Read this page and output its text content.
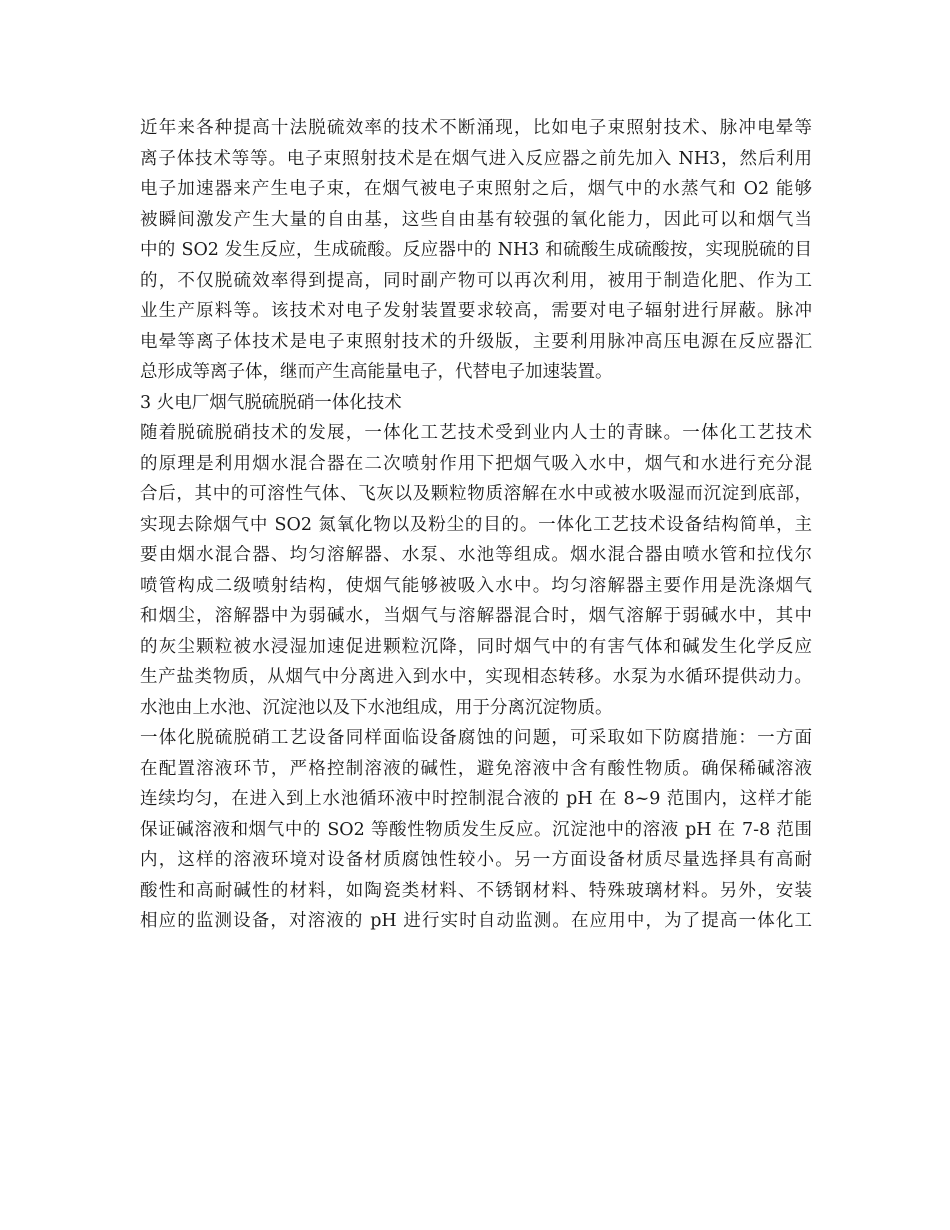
近年来各种提高十法脱硫效率的技术不断涌现，比如电子束照射技术、脉冲电晕等
离子体技术等等。电子束照射技术是在烟气进入反应器之前先加入 NH3，然后利用
电子加速器来产生电子束，在烟气被电子束照射之后，烟气中的水蒸气和 O2 能够
被瞬间激发产生大量的自由基，这些自由基有较强的氧化能力，因此可以和烟气当
中的 SO2 发生反应，生成硫酸。反应器中的 NH3 和硫酸生成硫酸按，实现脱硫的目
的，不仅脱硫效率得到提高，同时副产物可以再次利用，被用于制造化肥、作为工
业生产原料等。该技术对电子发射装置要求较高，需要对电子辐射进行屏蔽。脉冲
电晕等离子体技术是电子束照射技术的升级版，主要利用脉冲高压电源在反应器汇
总形成等离子体，继而产生高能量电子，代替电子加速装置。
3 火电厂烟气脱硫脱硝一体化技术
随着脱硫脱硝技术的发展，一体化工艺技术受到业内人士的青睐。一体化工艺技术
的原理是利用烟水混合器在二次喷射作用下把烟气吸入水中，烟气和水进行充分混
合后，其中的可溶性气体、飞灰以及颗粒物质溶解在水中或被水吸湿而沉淀到底部，
实现去除烟气中 SO2 氮氧化物以及粉尘的目的。一体化工艺技术设备结构简单，主
要由烟水混合器、均匀溶解器、水泵、水池等组成。烟水混合器由喷水管和拉伐尔
喷管构成二级喷射结构，使烟气能够被吸入水中。均匀溶解器主要作用是洗涤烟气
和烟尘，溶解器中为弱碱水，当烟气与溶解器混合时，烟气溶解于弱碱水中，其中
的灰尘颗粒被水浸湿加速促进颗粒沉降，同时烟气中的有害气体和碱发生化学反应
生产盐类物质，从烟气中分离进入到水中，实现相态转移。水泵为水循环提供动力。
水池由上水池、沉淀池以及下水池组成，用于分离沉淀物质。
一体化脱硫脱硝工艺设备同样面临设备腐蚀的问题，可采取如下防腐措施：一方面
在配置溶液环节，严格控制溶液的碱性，避免溶液中含有酸性物质。确保稀碱溶液
连续均匀，在进入到上水池循环液中时控制混合液的 pH 在 8~9 范围内，这样才能
保证碱溶液和烟气中的 SO2 等酸性物质发生反应。沉淀池中的溶液 pH 在 7-8 范围
内，这样的溶液环境对设备材质腐蚀性较小。另一方面设备材质尽量选择具有高耐
酸性和高耐碱性的材料，如陶瓷类材料、不锈钢材料、特殊玻璃材料。另外，安装
相应的监测设备，对溶液的 pH 进行实时自动监测。在应用中，为了提高一体化工
